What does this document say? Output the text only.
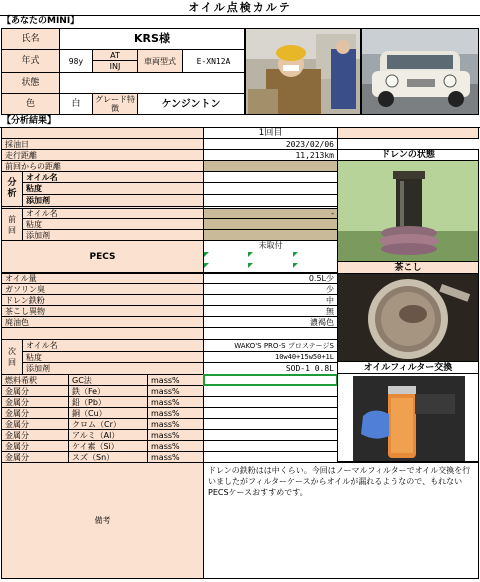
オイル点検カルテ
【あなたのMINI】
氏名	KRS様
年式	98y
AT
INJ
車両型式	E-XN12A
状態
色	白	グレード特徴	ケンジントン
【分析結果】
1回目
採油日	2023/02/06
走行距離	11,213km
前回からの距離
分析
オイル名
粘度
添加剤
前回
オイル名	-
粘度
添加剤
PECS
未取付
オイル量	0.5L少
ガソリン臭	少
ドレン鉄粉	中
茶こし異物	無
廃油色	濃褐色
次回
オイル名	WAKO'S PRO-S プロステージS
粘度	10w40+15w50+1L
添加剤	SOD-1 0.8L
燃料希釈	GC法	mass%
金属分	鉄（Fe）	mass%
金属分	鉛（Pb）	mass%
金属分	銅（Cu）	mass%
金属分	クロム（Cr）	mass%
金属分	アルミ（Al）	mass%
金属分	ケイ素（Si）	mass%
金属分	スズ（Sn）	mass%
ドレンの状態
茶こし
オイルフィルター交換
備考
ドレンの鉄粉はは中くらい。今回はノーマルフィルターでオイル交換を行いましたがフィルターケースからオイルが漏れるようなので、もれないPECSケースおすすめです。
